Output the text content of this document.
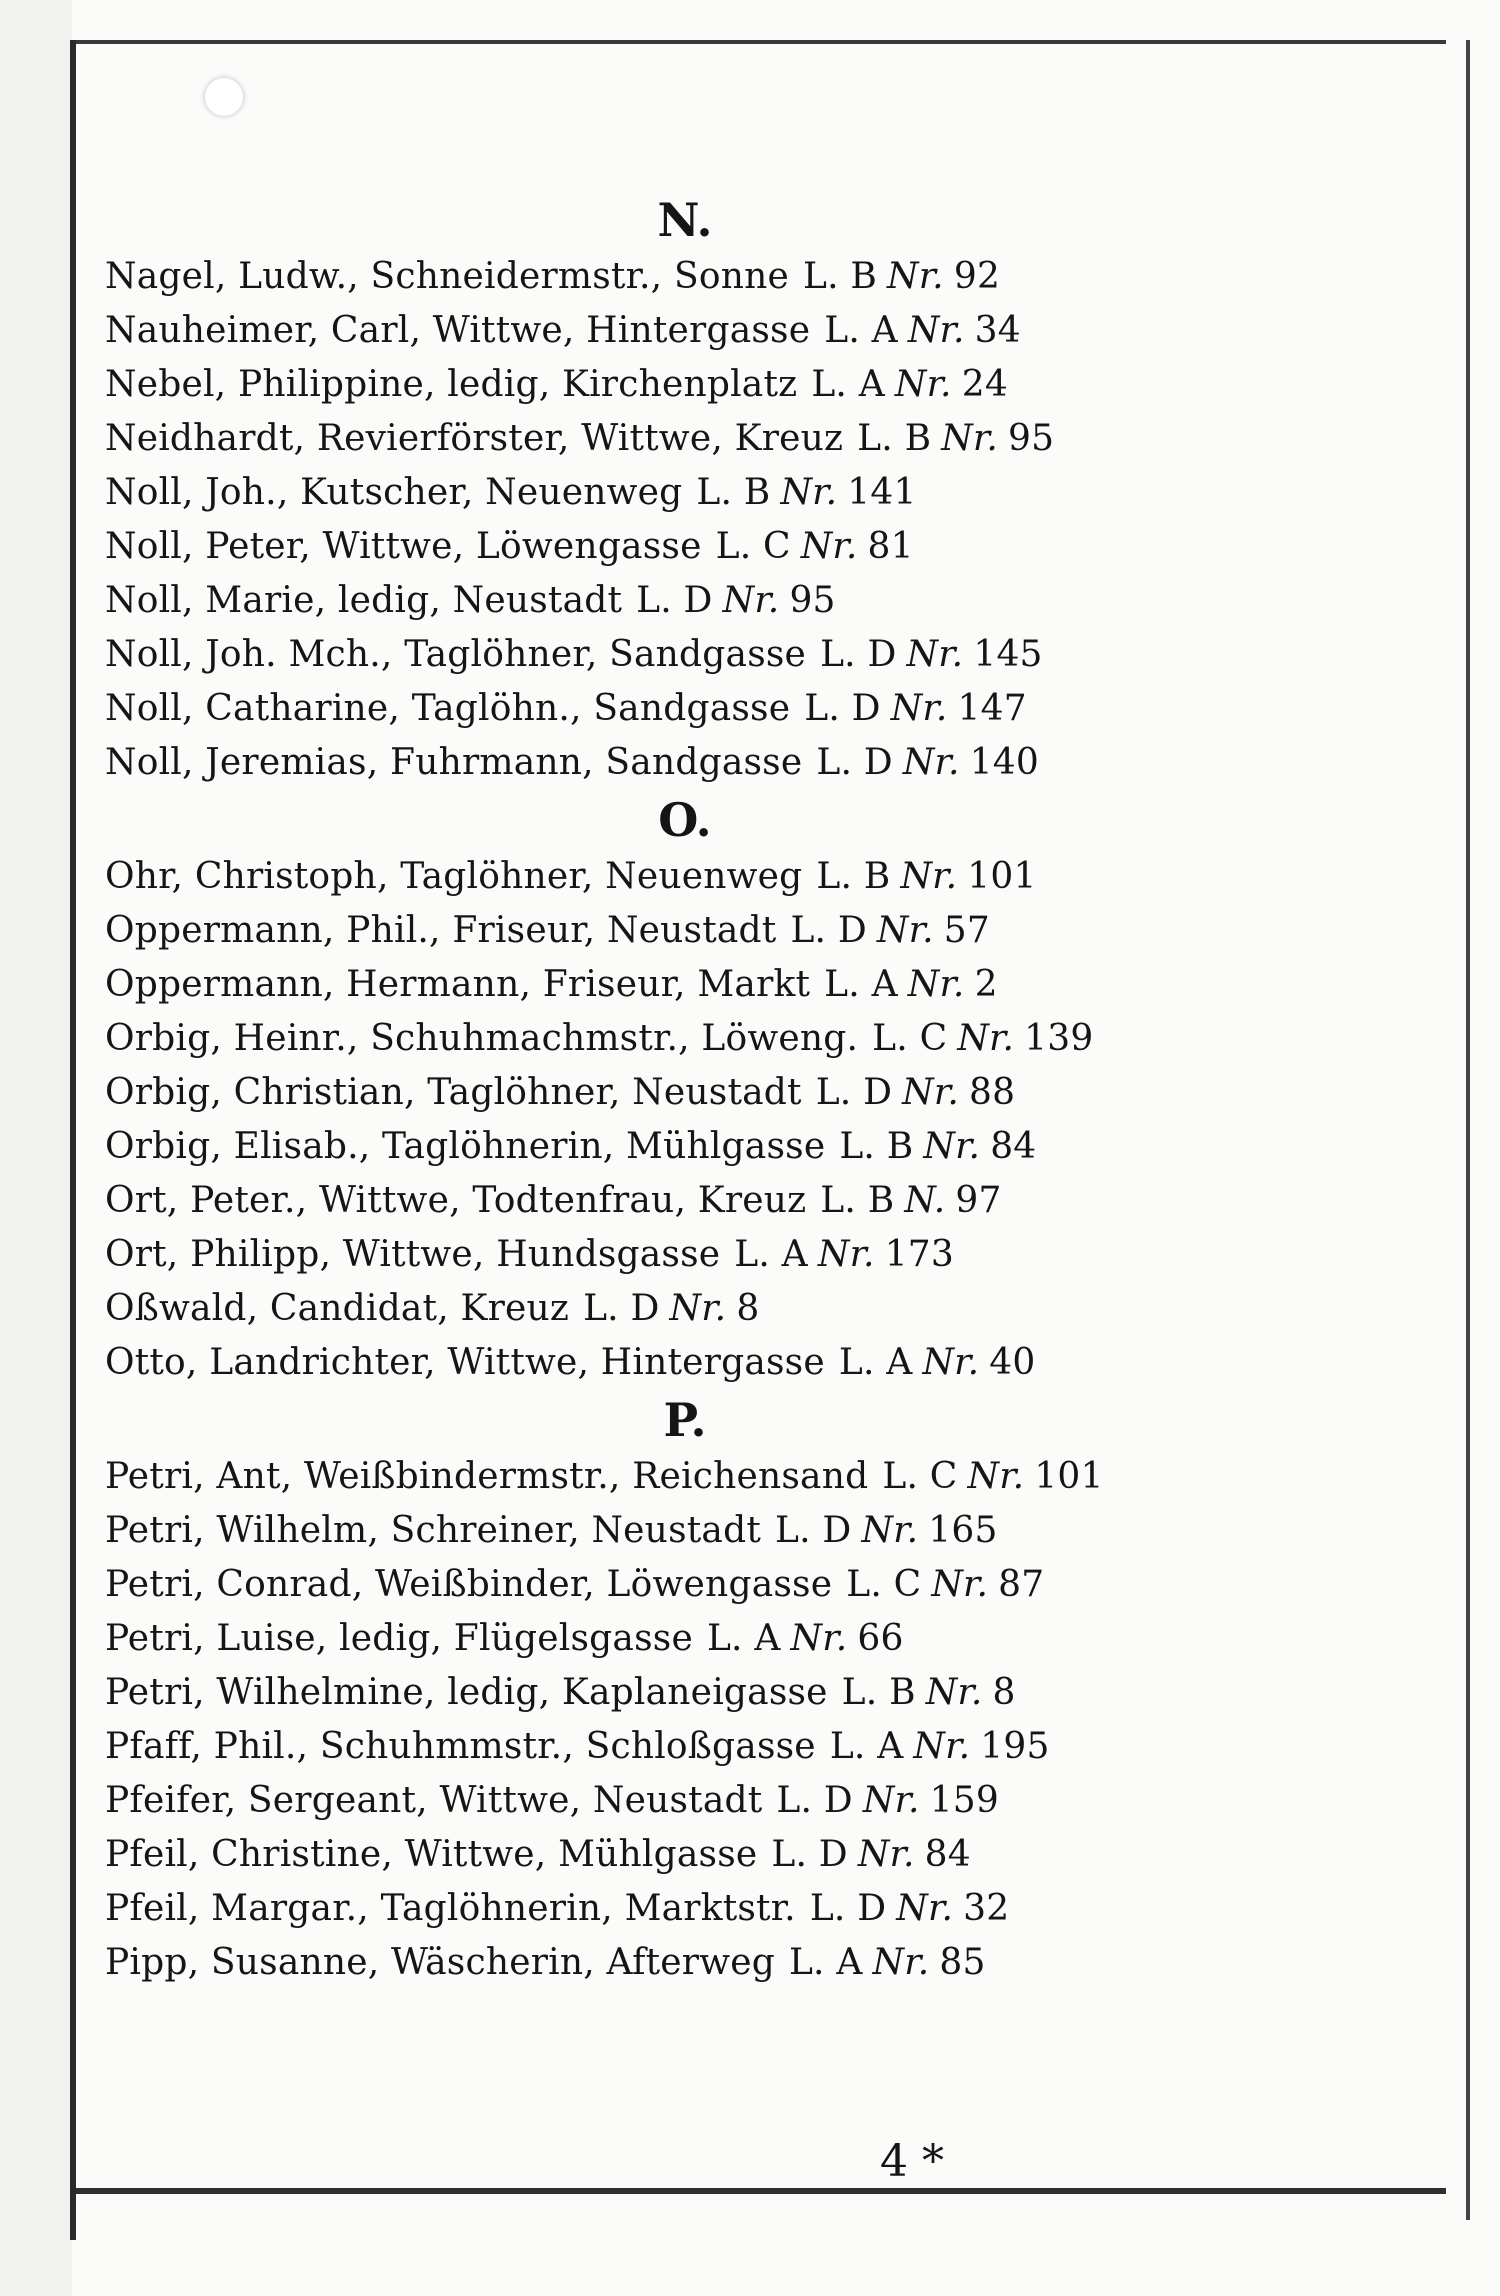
N.
Nagel, Ludw., Schneidermstr., Sonne L. B Nr. 92
Nauheimer, Carl, Wittwe, Hintergasse L. A Nr. 34
Nebel, Philippine, ledig, Kirchenplatz L. A Nr. 24
Neidhardt, Revierförster, Wittwe, Kreuz L. B Nr. 95
Noll, Joh., Kutscher, Neuenweg L. B Nr. 141
Noll, Peter, Wittwe, Löwengasse L. C Nr. 81
Noll, Marie, ledig, Neustadt L. D Nr. 95
Noll, Joh. Mch., Taglöhner, Sandgasse L. D Nr. 145
Noll, Catharine, Taglöhn., Sandgasse L. D Nr. 147
Noll, Jeremias, Fuhrmann, Sandgasse L. D Nr. 140
O.
Ohr, Christoph, Taglöhner, Neuenweg L. B Nr. 101
Oppermann, Phil., Friseur, Neustadt L. D Nr. 57
Oppermann, Hermann, Friseur, Markt L. A Nr. 2
Orbig, Heinr., Schuhmachmstr., Löweng. L. C Nr. 139
Orbig, Christian, Taglöhner, Neustadt L. D Nr. 88
Orbig, Elisab., Taglöhnerin, Mühlgasse L. B Nr. 84
Ort, Peter., Wittwe, Todtenfrau, Kreuz L. B N. 97
Ort, Philipp, Wittwe, Hundsgasse L. A Nr. 173
Oßwald, Candidat, Kreuz L. D Nr. 8
Otto, Landrichter, Wittwe, Hintergasse L. A Nr. 40
P.
Petri, Ant, Weißbindermstr., Reichensand L. C Nr. 101
Petri, Wilhelm, Schreiner, Neustadt L. D Nr. 165
Petri, Conrad, Weißbinder, Löwengasse L. C Nr. 87
Petri, Luise, ledig, Flügelsgasse L. A Nr. 66
Petri, Wilhelmine, ledig, Kaplaneigasse L. B Nr. 8
Pfaff, Phil., Schuhmmstr., Schloßgasse L. A Nr. 195
Pfeifer, Sergeant, Wittwe, Neustadt L. D Nr. 159
Pfeil, Christine, Wittwe, Mühlgasse L. D Nr. 84
Pfeil, Margar., Taglöhnerin, Marktstr. L. D Nr. 32
Pipp, Susanne, Wäscherin, Afterweg L. A Nr. 85
4 *
